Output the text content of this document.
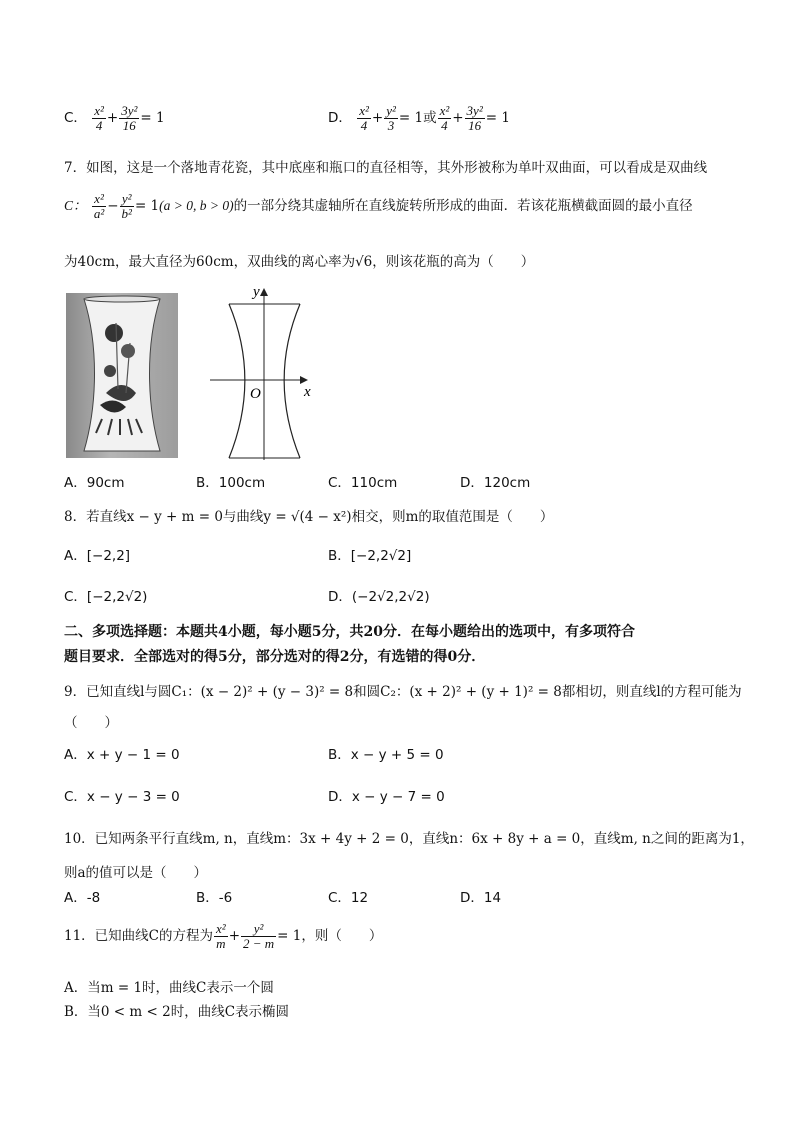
C． $\frac{\text{x²}}{4} + \frac{\text{3y²}}{16} = 1$	D． $\frac{\text{x²}}{4} + \frac{\text{y²}}{3} = 1$或 $\frac{\text{x²}}{4} + \frac{\text{3y²}}{16} = 1$
7．如图，这是一个落地青花瓷，其中底座和瓶口的直径相等，其外形被称为单叶双曲面，可以看成是双曲线
C： $\frac{\text{x²}}{\text{a²}} - \frac{\text{y²}}{\text{b²}} = 1(a > 0$, b > 0)的一部分绕其虚轴所在直线旋转所形成的曲面．若该花瓶横截面圆的最小直径
为40cm，最大直径为60cm，双曲线的离心率为√6，则该花瓶的高为（　　）
y
x
O
A．90cm	B．100cm	C．110cm	D．120cm
8．若直线x − y + m = 0与曲线y = √(4 − x²)相交，则m的取值范围是（　　）
A．[−2,2]	B．[−2,2√2]
C．[−2,2√2)	D．(−2√2,2√2)
二、多项选择题：本题共4小题，每小题5分，共20分．在每小题给出的选项中，有多项符合
题目要求．全部选对的得5分，部分选对的得2分，有选错的得0分．
9．已知直线l与圆C₁：(x − 2)² + (y − 3)² = 8和圆C₂：(x + 2)² + (y + 1)² = 8都相切，则直线l的方程可能为
（　　）
A．x + y − 1 = 0	B．x − y + 5 = 0
C．x − y − 3 = 0	D．x − y − 7 = 0
10．已知两条平行直线m, n，直线m：3x + 4y + 2 = 0，直线n：6x + 8y + a = 0，直线m, n之间的距离为1，
则a的值可以是（　　）
A．-8	B．-6	C．12	D．14
11．已知曲线C的方程为 $\frac{\text{x²}}{m} + \frac{\text{y²}}{2 - m} = 1$，则（　　）
A．当m = 1时，曲线C表示一个圆
B．当0 < m < 2时，曲线C表示椭圆
